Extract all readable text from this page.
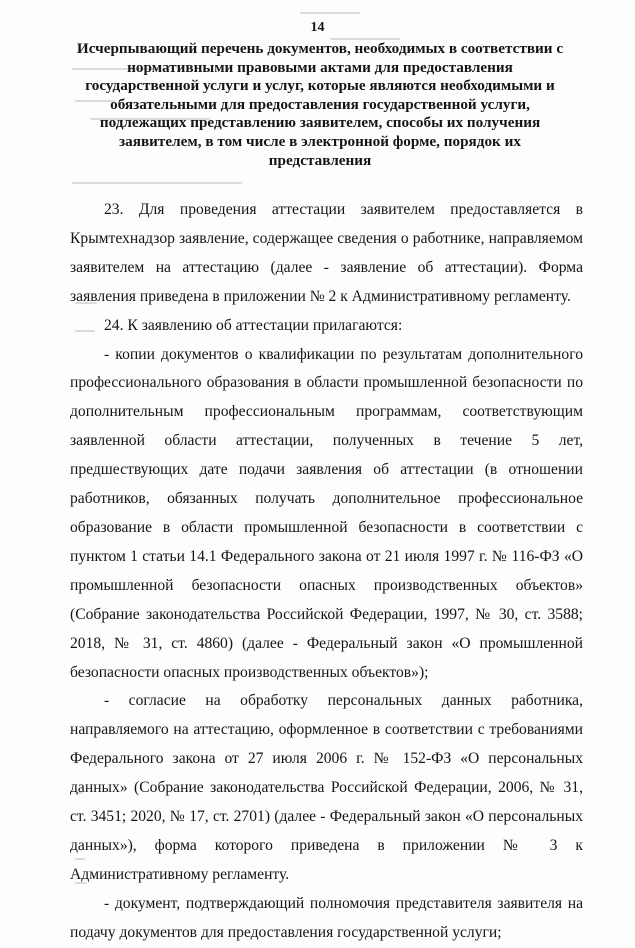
14
Исчерпывающий перечень документов, необходимых в соответствии с нормативными правовыми актами для предоставления государственной услуги и услуг, которые являются необходимыми и обязательными для предоставления государственной услуги, подлежащих представлению заявителем, способы их получения заявителем, в том числе в электронной форме, порядок их представления

23. Для проведения аттестации заявителем предоставляется в Крымтехнадзор заявление, содержащее сведения о работнике, направляемом заявителем на аттестацию (далее - заявление об аттестации). Форма заявления приведена в приложении № 2 к Административному регламенту.

24. К заявлению об аттестации прилагаются:

- копии документов о квалификации по результатам дополнительного профессионального образования в области промышленной безопасности по дополнительным профессиональным программам, соответствующим заявленной области аттестации, полученных в течение 5 лет, предшествующих дате подачи заявления об аттестации (в отношении работников, обязанных получать дополнительное профессиональное образование в области промышленной безопасности в соответствии с пунктом 1 статьи 14.1 Федерального закона от 21 июля 1997 г. № 116-ФЗ «О промышленной безопасности опасных производственных объектов» (Собрание законодательства Российской Федерации, 1997, № 30, ст. 3588; 2018, № 31, ст. 4860) (далее - Федеральный закон «О промышленной безопасности опасных производственных объектов»);

- согласие на обработку персональных данных работника, направляемого на аттестацию, оформленное в соответствии с требованиями Федерального закона от 27 июля 2006 г. № 152-ФЗ «О персональных данных» (Собрание законодательства Российской Федерации, 2006, № 31, ст. 3451; 2020, № 17, ст. 2701) (далее - Федеральный закон «О персональных данных»), форма которого приведена в приложении № 3 к Административному регламенту.

- документ, подтверждающий полномочия представителя заявителя на подачу документов для предоставления государственной услуги;
